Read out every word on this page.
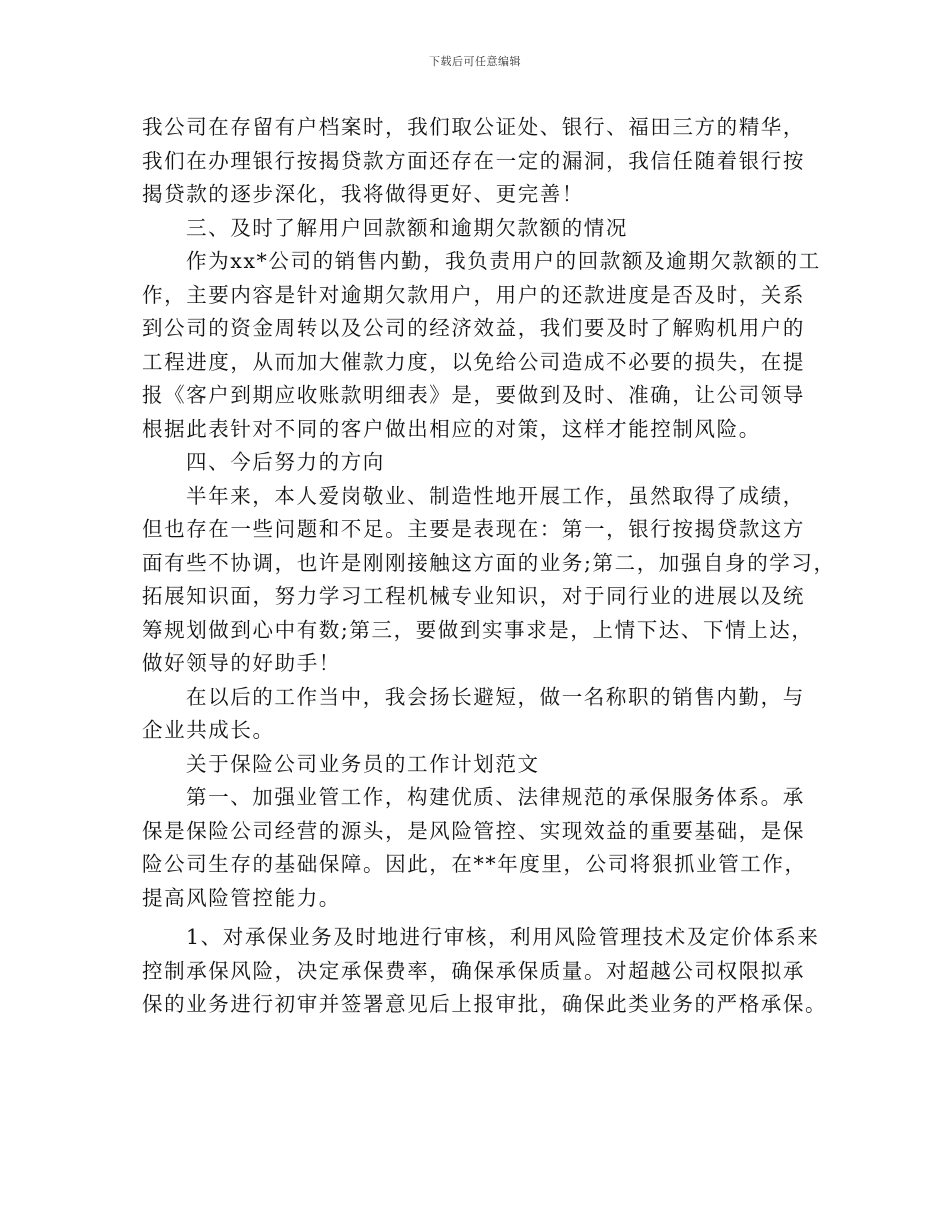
下载后可任意编辑
我公司在存留有户档案时，我们取公证处、银行、福田三方的精华，
我们在办理银行按揭贷款方面还存在一定的漏洞，我信任随着银行按
揭贷款的逐步深化，我将做得更好、更完善！
三、及时了解用户回款额和逾期欠款额的情况
作为xx*公司的销售内勤，我负责用户的回款额及逾期欠款额的工
作，主要内容是针对逾期欠款用户，用户的还款进度是否及时，关系
到公司的资金周转以及公司的经济效益，我们要及时了解购机用户的
工程进度，从而加大催款力度，以免给公司造成不必要的损失，在提
报《客户到期应收账款明细表》是，要做到及时、准确，让公司领导
根据此表针对不同的客户做出相应的对策，这样才能控制风险。
四、今后努力的方向
半年来，本人爱岗敬业、制造性地开展工作，虽然取得了成绩，
但也存在一些问题和不足。主要是表现在：第一，银行按揭贷款这方
面有些不协调，也许是刚刚接触这方面的业务;第二，加强自身的学习，
拓展知识面，努力学习工程机械专业知识，对于同行业的进展以及统
筹规划做到心中有数;第三，要做到实事求是，上情下达、下情上达，
做好领导的好助手！
在以后的工作当中，我会扬长避短，做一名称职的销售内勤，与
企业共成长。
关于保险公司业务员的工作计划范文
第一、加强业管工作，构建优质、法律规范的承保服务体系。承
保是保险公司经营的源头，是风险管控、实现效益的重要基础，是保
险公司生存的基础保障。因此，在**年度里，公司将狠抓业管工作，
提高风险管控能力。
1、对承保业务及时地进行审核，利用风险管理技术及定价体系来
控制承保风险，决定承保费率，确保承保质量。对超越公司权限拟承
保的业务进行初审并签署意见后上报审批，确保此类业务的严格承保。
